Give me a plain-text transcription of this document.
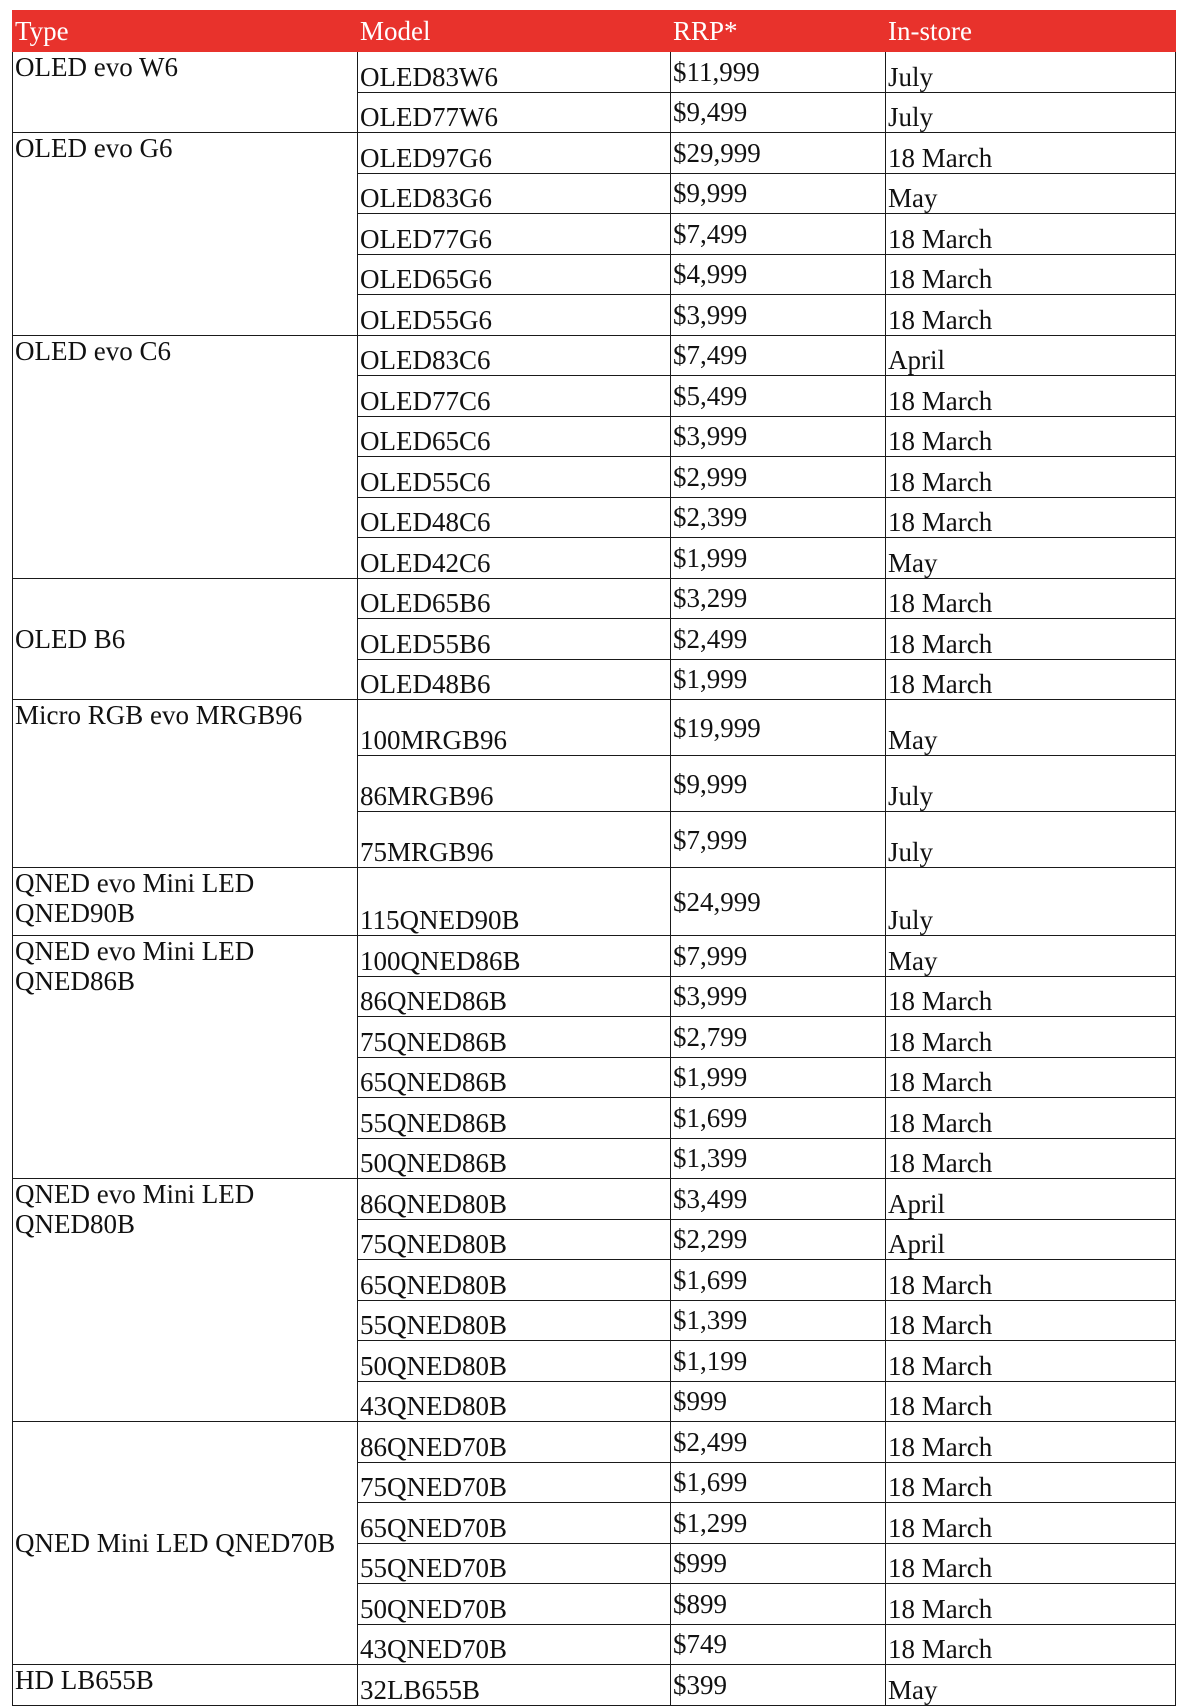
Type	Model	RRP*	In-store
OLED evo W6	OLED83W6	$11,999	July
	OLED77W6	$9,499	July
OLED evo G6	OLED97G6	$29,999	18 March
	OLED83G6	$9,999	May
	OLED77G6	$7,499	18 March
	OLED65G6	$4,999	18 March
	OLED55G6	$3,999	18 March
OLED evo C6	OLED83C6	$7,499	April
	OLED77C6	$5,499	18 March
	OLED65C6	$3,999	18 March
	OLED55C6	$2,999	18 March
	OLED48C6	$2,399	18 March
	OLED42C6	$1,999	May
OLED B6	OLED65B6	$3,299	18 March
	OLED55B6	$2,499	18 March
	OLED48B6	$1,999	18 March
Micro RGB evo MRGB96	100MRGB96	$19,999	May
	86MRGB96	$9,999	July
	75MRGB96	$7,999	July
QNED evo Mini LED QNED90B	115QNED90B	$24,999	July
QNED evo Mini LED QNED86B	100QNED86B	$7,999	May
	86QNED86B	$3,999	18 March
	75QNED86B	$2,799	18 March
	65QNED86B	$1,999	18 March
	55QNED86B	$1,699	18 March
	50QNED86B	$1,399	18 March
QNED evo Mini LED QNED80B	86QNED80B	$3,499	April
	75QNED80B	$2,299	April
	65QNED80B	$1,699	18 March
	55QNED80B	$1,399	18 March
	50QNED80B	$1,199	18 March
	43QNED80B	$999	18 March
QNED Mini LED QNED70B	86QNED70B	$2,499	18 March
	75QNED70B	$1,699	18 March
	65QNED70B	$1,299	18 March
	55QNED70B	$999	18 March
	50QNED70B	$899	18 March
	43QNED70B	$749	18 March
HD LB655B	32LB655B	$399	May
